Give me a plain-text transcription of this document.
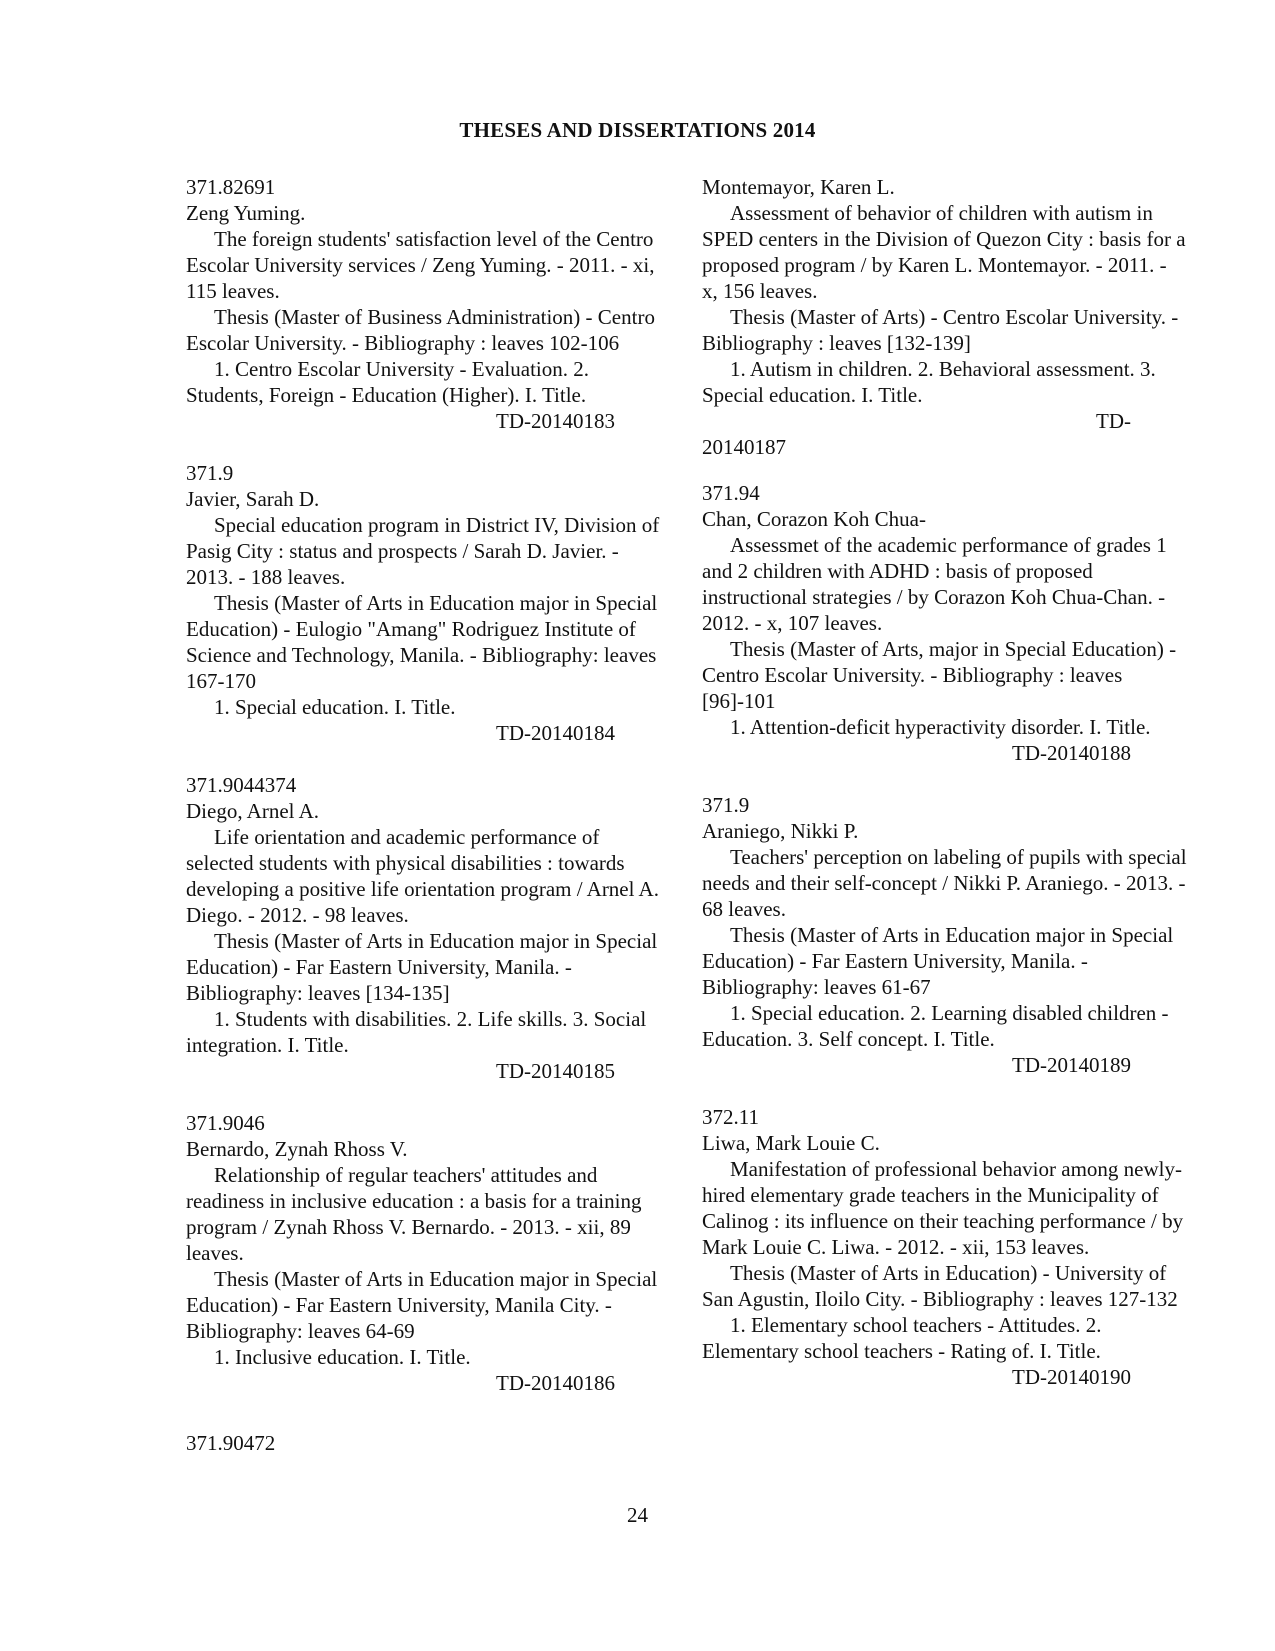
THESES AND DISSERTATIONS 2014

371.82691

Zeng Yuming.

The foreign students' satisfaction level of the Centro Escolar University services / Zeng Yuming. - 2011. - xi, 115 leaves.

Thesis (Master of Business Administration) - Centro Escolar University. - Bibliography : leaves 102-106

1. Centro Escolar University - Evaluation. 2. Students, Foreign - Education (Higher). I. Title.

TD-20140183

371.9

Javier, Sarah D.

Special education program in District IV, Division of Pasig City : status and prospects / Sarah D. Javier. - 2013. - 188 leaves.

Thesis (Master of Arts in Education major in Special Education) - Eulogio "Amang" Rodriguez Institute of Science and Technology, Manila. - Bibliography: leaves 167-170

1. Special education. I. Title.

TD-20140184

371.9044374

Diego, Arnel A.

Life orientation and academic performance of selected students with physical disabilities : towards developing a positive life orientation program / Arnel A. Diego. - 2012. - 98 leaves.

Thesis (Master of Arts in Education major in Special Education) - Far Eastern University, Manila. - Bibliography: leaves [134-135]

1. Students with disabilities. 2. Life skills. 3. Social integration. I. Title.

TD-20140185

371.9046

Bernardo, Zynah Rhoss V.

Relationship of regular teachers' attitudes and readiness in inclusive education : a basis for a training program / Zynah Rhoss V. Bernardo. - 2013. - xii, 89 leaves.

Thesis (Master of Arts in Education major in Special Education) - Far Eastern University, Manila City. - Bibliography: leaves 64-69

1. Inclusive education. I. Title.

TD-20140186

371.90472

Montemayor, Karen L.

Assessment of behavior of children with autism in SPED centers in the Division of Quezon City : basis for a proposed program / by Karen L. Montemayor. - 2011. - x, 156 leaves.

Thesis (Master of Arts) - Centro Escolar University. - Bibliography : leaves [132-139]

1. Autism in children. 2. Behavioral assessment. 3. Special education. I. Title.

TD-

20140187

371.94

Chan, Corazon Koh Chua-

Assessmet of the academic performance of grades 1 and 2 children with ADHD : basis of proposed instructional strategies / by Corazon Koh Chua-Chan. - 2012. - x, 107 leaves.

Thesis (Master of Arts, major in Special Education) - Centro Escolar University. - Bibliography : leaves [96]-101

1. Attention-deficit hyperactivity disorder. I. Title.

TD-20140188

371.9

Araniego, Nikki P.

Teachers' perception on labeling of pupils with special needs and their self-concept / Nikki P. Araniego. - 2013. - 68 leaves.

Thesis (Master of Arts in Education major in Special Education) - Far Eastern University, Manila. - Bibliography: leaves 61-67

1. Special education. 2. Learning disabled children - Education. 3. Self concept. I. Title.

TD-20140189

372.11

Liwa, Mark Louie C.

Manifestation of professional behavior among newly-hired elementary grade teachers in the Municipality of Calinog : its influence on their teaching performance / by Mark Louie C. Liwa. - 2012. - xii, 153 leaves.

Thesis (Master of Arts in Education) - University of San Agustin, Iloilo City. - Bibliography : leaves 127-132

1. Elementary school teachers - Attitudes. 2. Elementary school teachers - Rating of. I. Title.

TD-20140190

24
